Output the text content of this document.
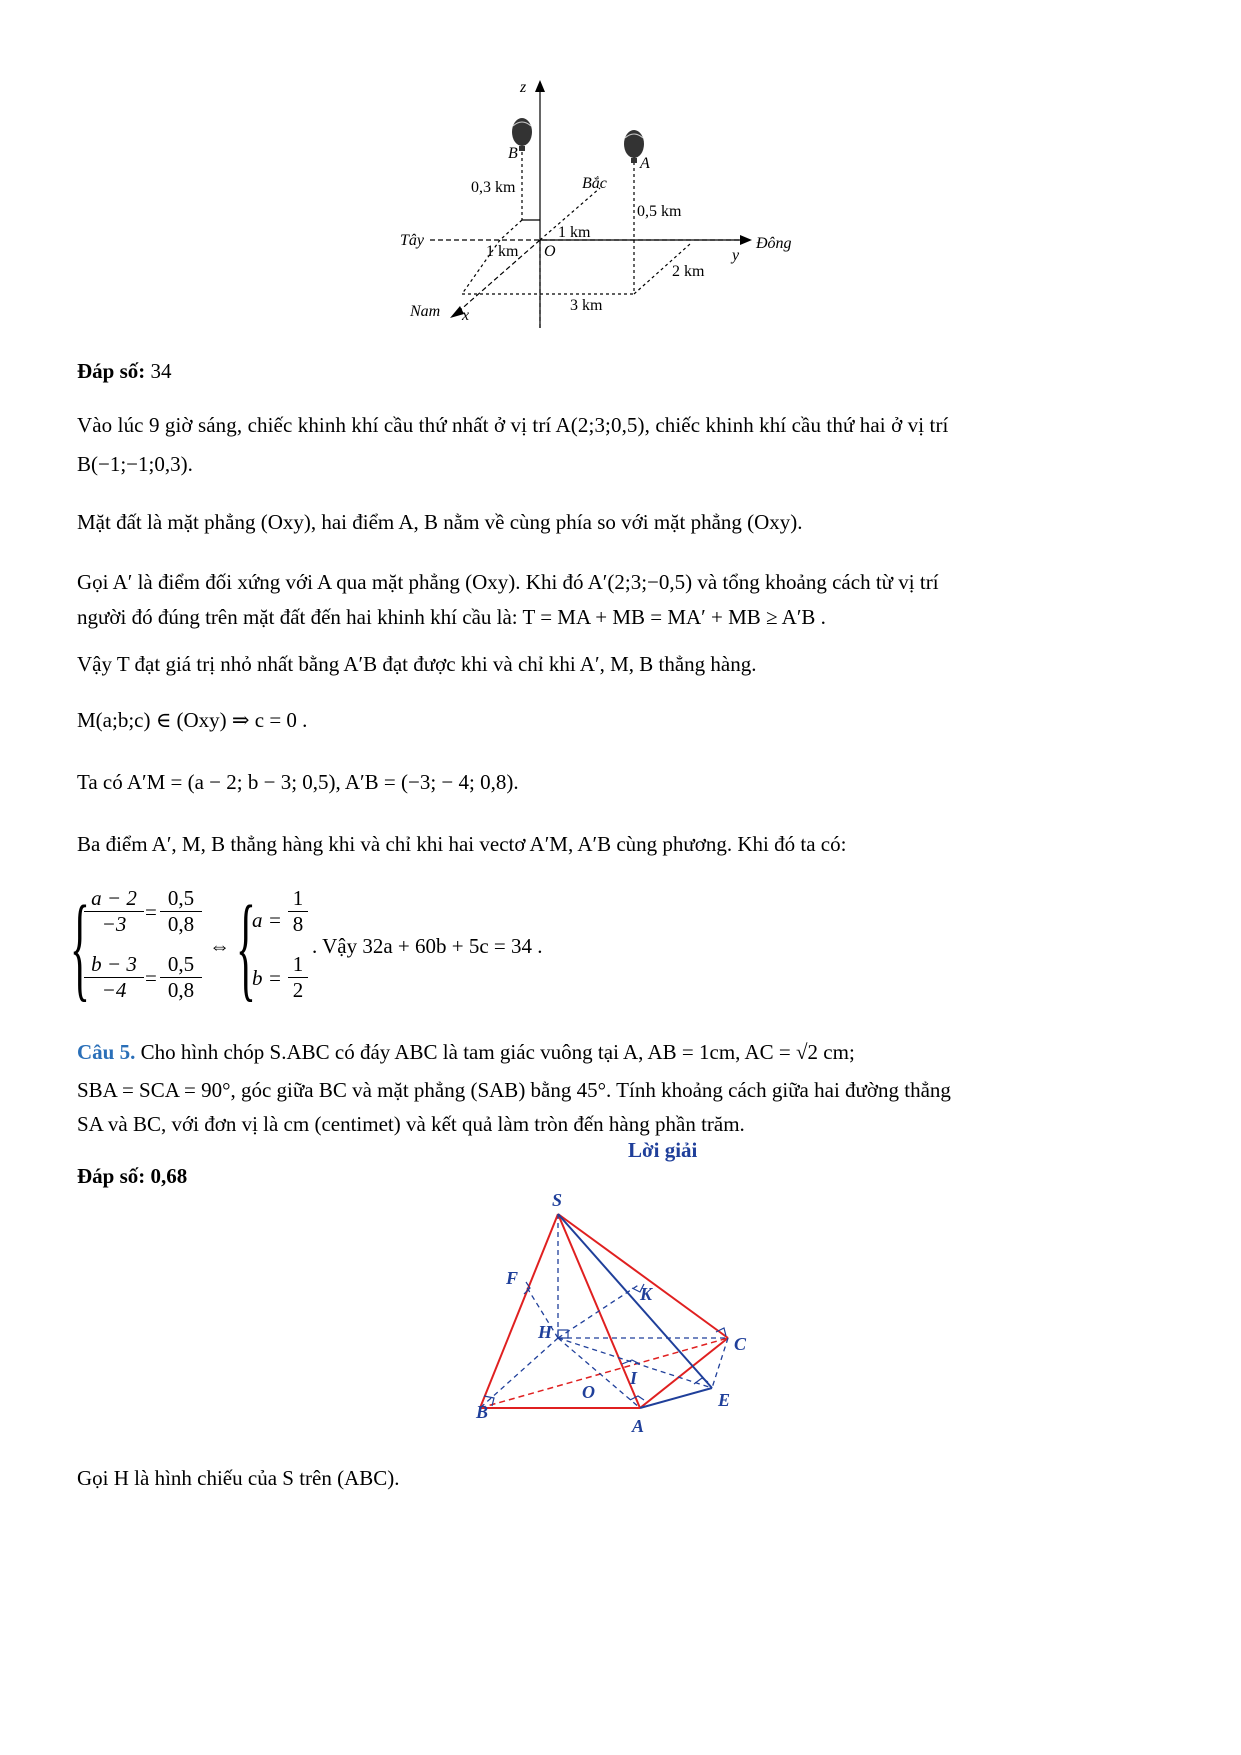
z
B
A
0,3 km	Bắc
0,5 km
1 km
Tây
1 km O	Đông
y
2 km
3 km
Nam x
Đáp số: 34
Vào lúc 9 giờ sáng, chiếc khinh khí cầu thứ nhất ở vị trí A(2;3;0,5), chiếc khinh khí cầu thứ hai ở vị trí
B(−1;−1;0,3).
Mặt đất là mặt phẳng (Oxy), hai điểm A, B nằm về cùng phía so với mặt phẳng (Oxy).
Gọi A′ là điểm đối xứng với A qua mặt phẳng (Oxy). Khi đó A′(2;3;−0,5) và tổng khoảng cách từ vị trí
người đó đúng trên mặt đất đến hai khinh khí cầu là: T = MA + MB = MA′ + MB ≥ A′B .
Vậy T đạt giá trị nhỏ nhất bằng A′B đạt được khi và chỉ khi A′, M, B thẳng hàng.
M(a;b;c) ∈ (Oxy) ⇒ c = 0 .
Ta có A′M = (a − 2; b − 3; 0,5), A′B = (−3; − 4; 0,8).
Ba điểm A′, M, B thẳng hàng khi và chỉ khi hai vectơ A′M, A′B cùng phương. Khi đó ta có:
{
$\frac{a - 2}{-3} = \frac{0,5}{0,8}$
$\frac{b - 3}{-4} = \frac{0,5}{0,8}$
⇔ {
$a = \frac{1}{8}$
$b = \frac{1}{2}$
. Vậy 32a + 60b + 5c = 34 .
Câu 5. Cho hình chóp S.ABC có đáy ABC là tam giác vuông tại A, AB = 1cm, AC = √2 cm;
SBA = SCA = 90°, góc giữa BC và mặt phẳng (SAB) bằng 45°. Tính khoảng cách giữa hai đường thẳng
SA và BC, với đơn vị là cm (centimet) và kết quả làm tròn đến hàng phần trăm.
Lời giải
Đáp số: 0,68
S
F
K
H
C
O
I
B
A
E
Gọi H là hình chiếu của S trên (ABC).
